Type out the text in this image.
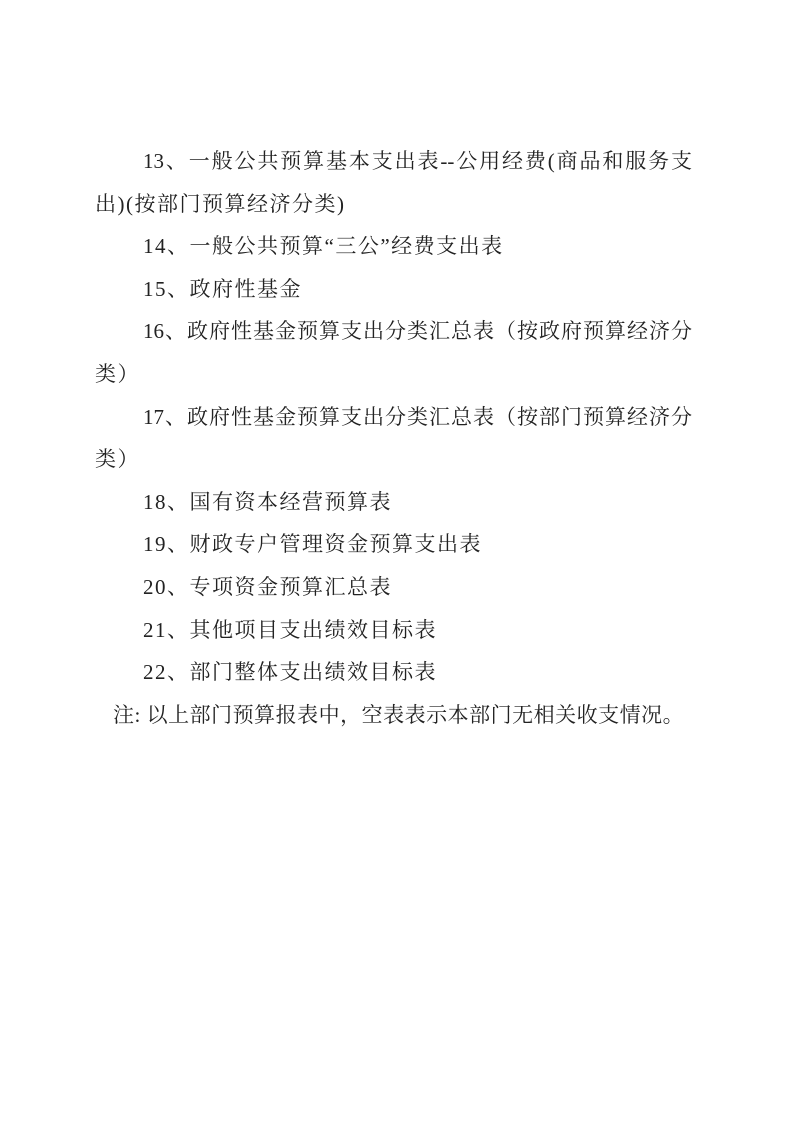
13、一般公共预算基本支出表--公用经费(商品和服务支
出)(按部门预算经济分类)
14、一般公共预算“三公”经费支出表
15、政府性基金
16、政府性基金预算支出分类汇总表（按政府预算经济分
类）
17、政府性基金预算支出分类汇总表（按部门预算经济分
类）
18、国有资本经营预算表
19、财政专户管理资金预算支出表
20、专项资金预算汇总表
21、其他项目支出绩效目标表
22、部门整体支出绩效目标表
注: 以上部门预算报表中，空表表示本部门无相关收支情况。
